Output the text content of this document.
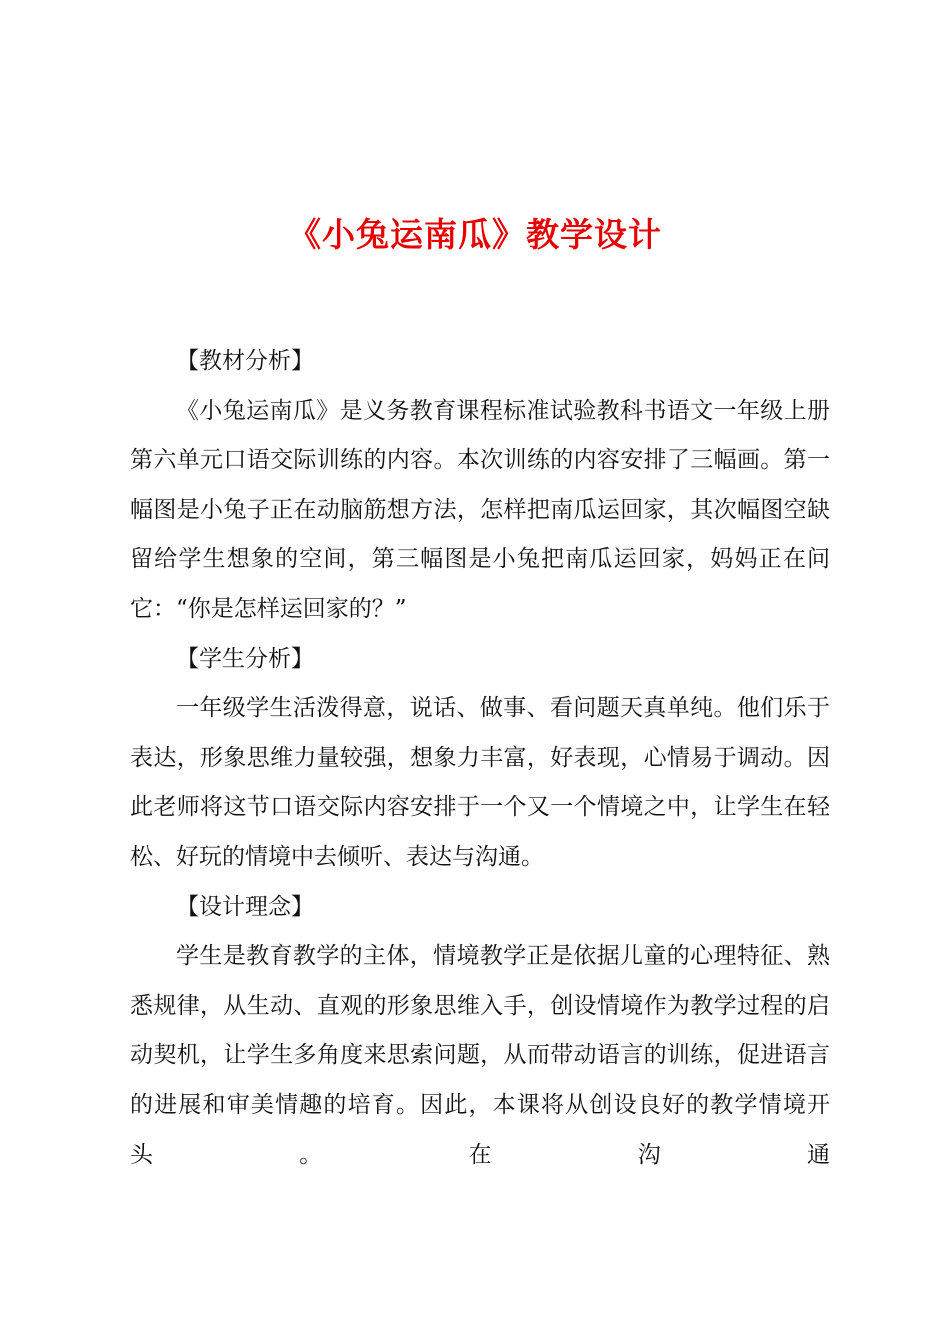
《小兔运南瓜》教学设计

【教材分析】

《小兔运南瓜》是义务教育课程标准试验教科书语文一年级上册第六单元口语交际训练的内容。本次训练的内容安排了三幅画。第一幅图是小兔子正在动脑筋想方法，怎样把南瓜运回家，其次幅图空缺留给学生想象的空间，第三幅图是小兔把南瓜运回家，妈妈正在问它：“你是怎样运回家的？”

【学生分析】

一年级学生活泼得意，说话、做事、看问题天真单纯。他们乐于表达，形象思维力量较强，想象力丰富，好表现，心情易于调动。因此老师将这节口语交际内容安排于一个又一个情境之中，让学生在轻松、好玩的情境中去倾听、表达与沟通。

【设计理念】

学生是教育教学的主体，情境教学正是依据儿童的心理特征、熟悉规律，从生动、直观的形象思维入手，创设情境作为教学过程的启动契机，让学生多角度来思索问题，从而带动语言的训练，促进语言的进展和审美情趣的培育。因此，本课将从创设良好的教学情境开头。在沟通
